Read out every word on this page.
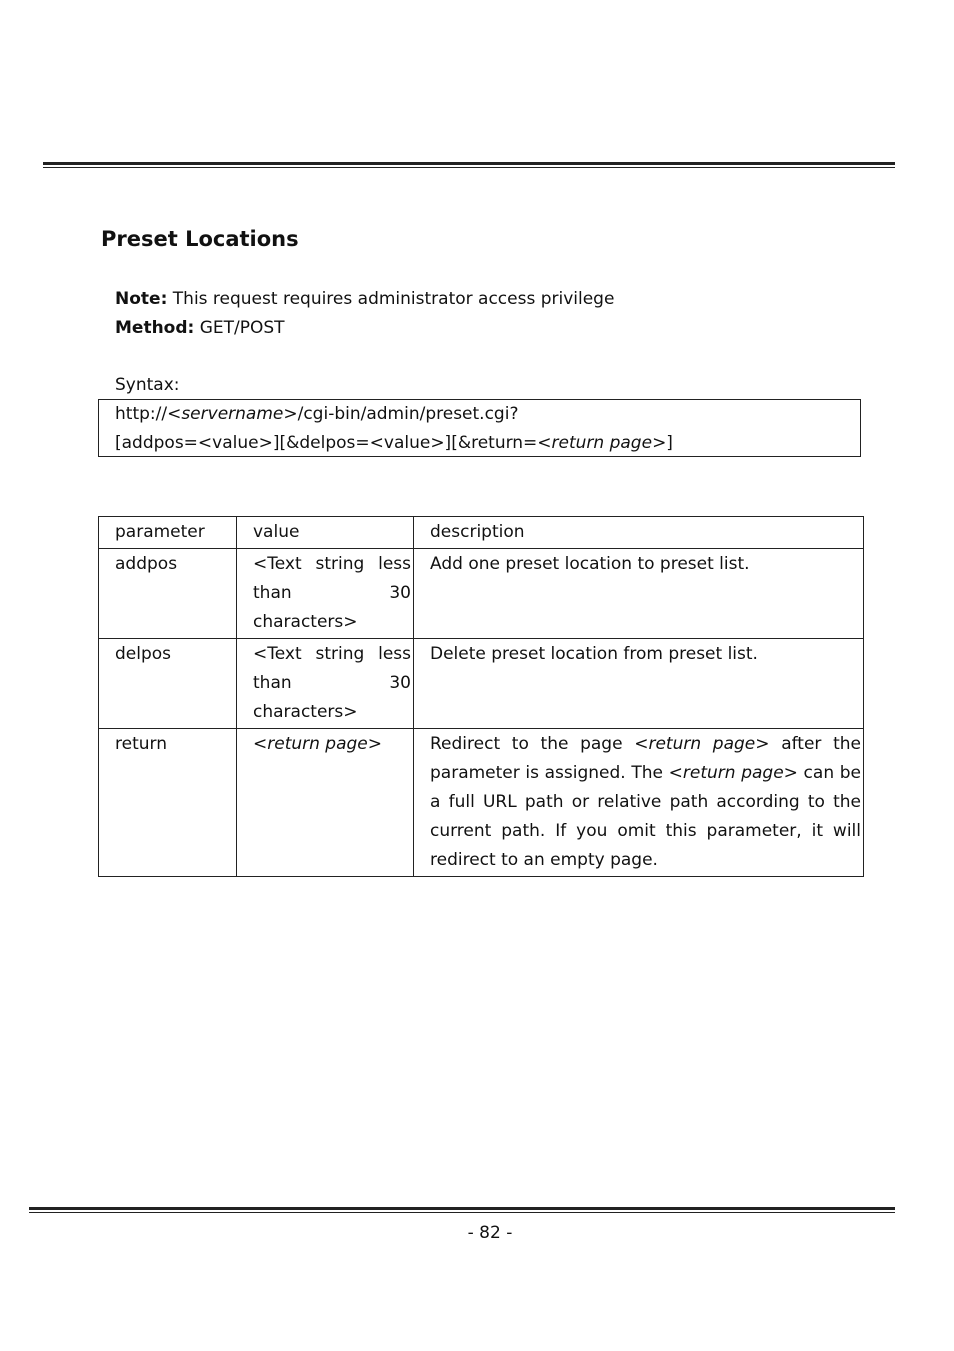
Preset Locations
Note: This request requires administrator access privilege
Method: GET/POST
Syntax:
http://<servername>/cgi-bin/admin/preset.cgi?
[addpos=<value>][&delpos=<value>][&return=<return page>]
parameter	value	description
addpos	<Text string less than 30 characters>	Add one preset location to preset list.
delpos	<Text string less than 30 characters>	Delete preset location from preset list.
return	<return page>	Redirect to the page <return page> after the parameter is assigned. The <return page> can be a full URL path or relative path according to the current path. If you omit this parameter, it will redirect to an empty page.
- 82 -
